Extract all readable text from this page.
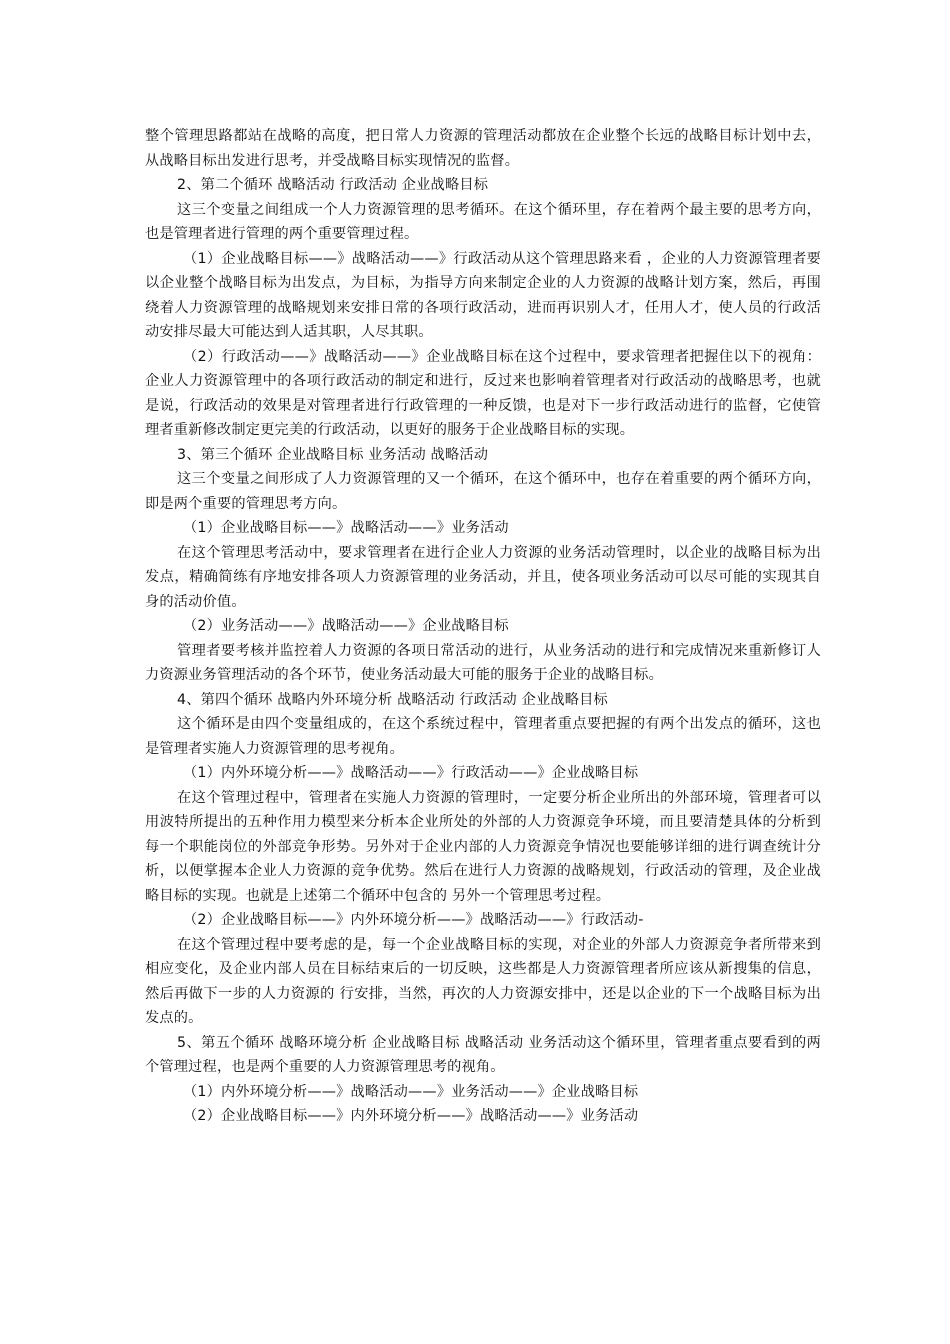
整个管理思路都站在战略的高度，把日常人力资源的管理活动都放在企业整个长远的战略目标计划中去，从战略目标出发进行思考，并受战略目标实现情况的监督。

2、第二个循环 战略活动 行政活动 企业战略目标

这三个变量之间组成一个人力资源管理的思考循环。在这个循环里，存在着两个最主要的思考方向，也是管理者进行管理的两个重要管理过程。

（1）企业战略目标——》战略活动——》行政活动从这个管理思路来看 ，企业的人力资源管理者要以企业整个战略目标为出发点，为目标，为指导方向来制定企业的人力资源的战略计划方案，然后，再围绕着人力资源管理的战略规划来安排日常的各项行政活动，进而再识别人才，任用人才，使人员的行政活动安排尽最大可能达到人适其职，人尽其职。

（2）行政活动——》战略活动——》企业战略目标在这个过程中，要求管理者把握住以下的视角：企业人力资源管理中的各项行政活动的制定和进行，反过来也影响着管理者对行政活动的战略思考，也就是说，行政活动的效果是对管理者进行行政管理的一种反馈，也是对下一步行政活动进行的监督，它使管理者重新修改制定更完美的行政活动，以更好的服务于企业战略目标的实现。

3、第三个循环 企业战略目标 业务活动 战略活动

这三个变量之间形成了人力资源管理的又一个循环，在这个循环中，也存在着重要的两个循环方向，即是两个重要的管理思考方向。

（1）企业战略目标——》战略活动——》业务活动

在这个管理思考活动中，要求管理者在进行企业人力资源的业务活动管理时，以企业的战略目标为出发点，精确简练有序地安排各项人力资源管理的业务活动，并且，使各项业务活动可以尽可能的实现其自身的活动价值。

（2）业务活动——》战略活动——》企业战略目标

管理者要考核并监控着人力资源的各项日常活动的进行，从业务活动的进行和完成情况来重新修订人力资源业务管理活动的各个环节，使业务活动最大可能的服务于企业的战略目标。

4、第四个循环 战略内外环境分析 战略活动 行政活动 企业战略目标

这个循环是由四个变量组成的，在这个系统过程中，管理者重点要把握的有两个出发点的循环，这也是管理者实施人力资源管理的思考视角。

（1）内外环境分析——》战略活动——》行政活动——》企业战略目标

在这个管理过程中，管理者在实施人力资源的管理时，一定要分析企业所出的外部环境，管理者可以用波特所提出的五种作用力模型来分析本企业所处的外部的人力资源竞争环境，而且要清楚具体的分析到每一个职能岗位的外部竞争形势。另外对于企业内部的人力资源竞争情况也要能够详细的进行调查统计分析，以便掌握本企业人力资源的竞争优势。然后在进行人力资源的战略规划，行政活动的管理，及企业战略目标的实现。也就是上述第二个循环中包含的 另外一个管理思考过程。

（2）企业战略目标——》内外环境分析——》战略活动——》行政活动-

在这个管理过程中要考虑的是，每一个企业战略目标的实现，对企业的外部人力资源竞争者所带来到相应变化，及企业内部人员在目标结束后的一切反映，这些都是人力资源管理者所应该从新搜集的信息，然后再做下一步的人力资源的 行安排，当然，再次的人力资源安排中，还是以企业的下一个战略目标为出发点的。

5、第五个循环 战略环境分析 企业战略目标 战略活动 业务活动这个循环里，管理者重点要看到的两个管理过程，也是两个重要的人力资源管理思考的视角。

（1）内外环境分析——》战略活动——》业务活动——》企业战略目标

（2）企业战略目标——》内外环境分析——》战略活动——》业务活动
